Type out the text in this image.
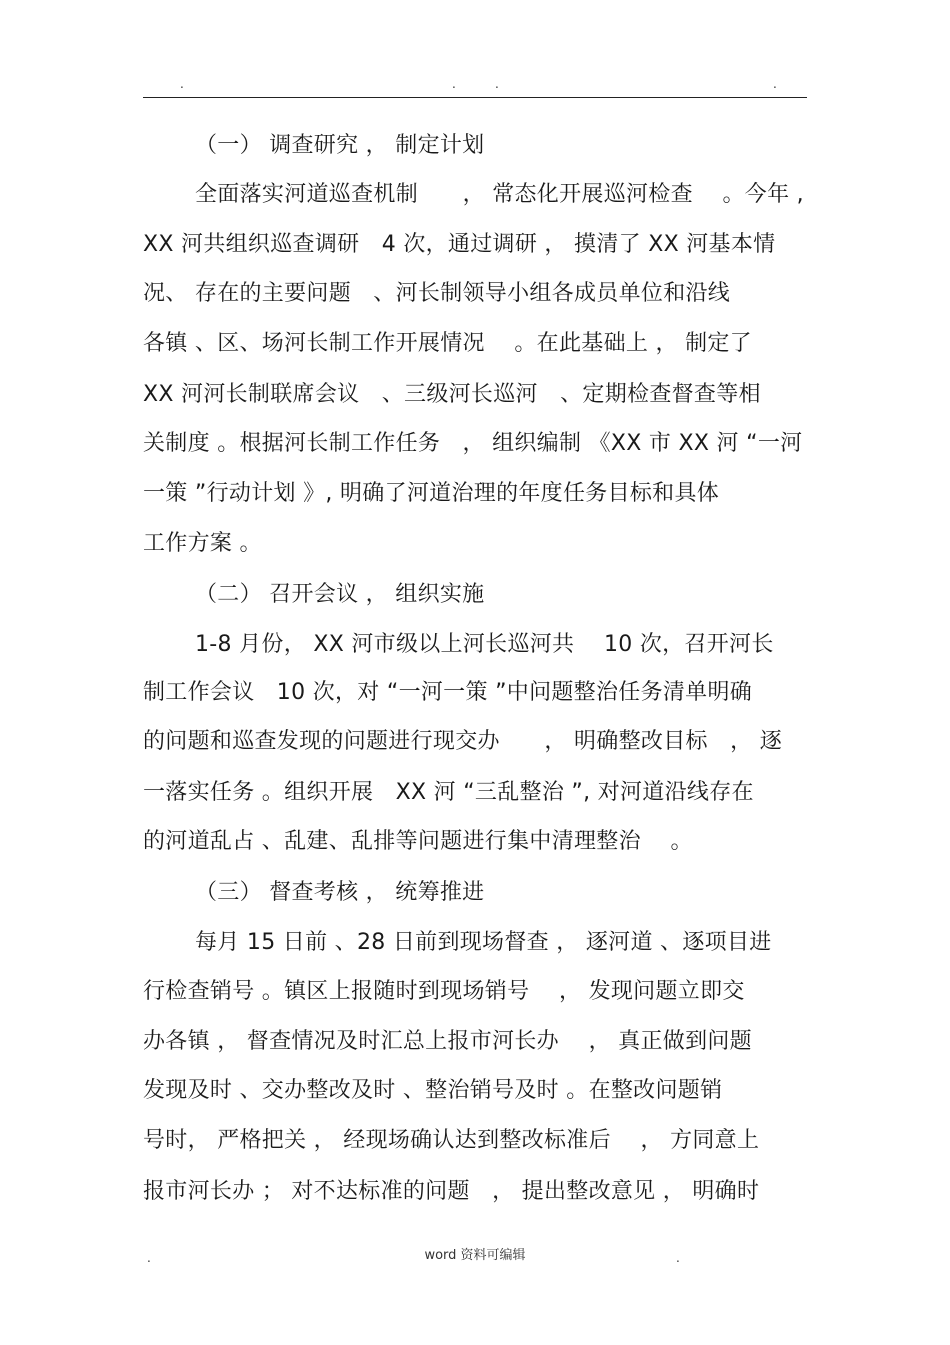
.	.	.	.
（一） 调查研究 ， 制定计划
全面落实河道巡查机制　　， 常态化开展巡河检查　 。今年 ,
XX 河共组织巡查调研　4 次，通过调研 ， 摸清了 XX 河基本情
况、 存在的主要问题　、河长制领导小组各成员单位和沿线
各镇 、区、场河长制工作开展情况　 。在此基础上 ， 制定了
XX 河河长制联席会议　、三级河长巡河　、定期检查督查等相
关制度 。根据河长制工作任务　， 组织编制 《XX 市 XX 河 “一河
一策 ”行动计划 》, 明确了河道治理的年度任务目标和具体
工作方案 。
（二） 召开会议 ， 组织实施
1-8 月份， XX 河市级以上河长巡河共　 10 次，召开河长
制工作会议　10 次，对 “一河一策 ”中问题整治任务清单明确
的问题和巡查发现的问题进行现交办　　， 明确整改目标　， 逐
一落实任务 。组织开展　XX 河 “三乱整治 ”, 对河道沿线存在
的河道乱占 、乱建、乱排等问题进行集中清理整治　 。
（三） 督查考核 ， 统筹推进
每月 15 日前 、28 日前到现场督查 ， 逐河道 、逐项目进
行检查销号 。镇区上报随时到现场销号　 ， 发现问题立即交
办各镇 ， 督查情况及时汇总上报市河长办　 ， 真正做到问题
发现及时 、交办整改及时 、整治销号及时 。在整改问题销
号时， 严格把关 ， 经现场确认达到整改标准后　 ， 方同意上
报市河长办 ； 对不达标准的问题　， 提出整改意见 ， 明确时
.	word 资料可编辑	.
